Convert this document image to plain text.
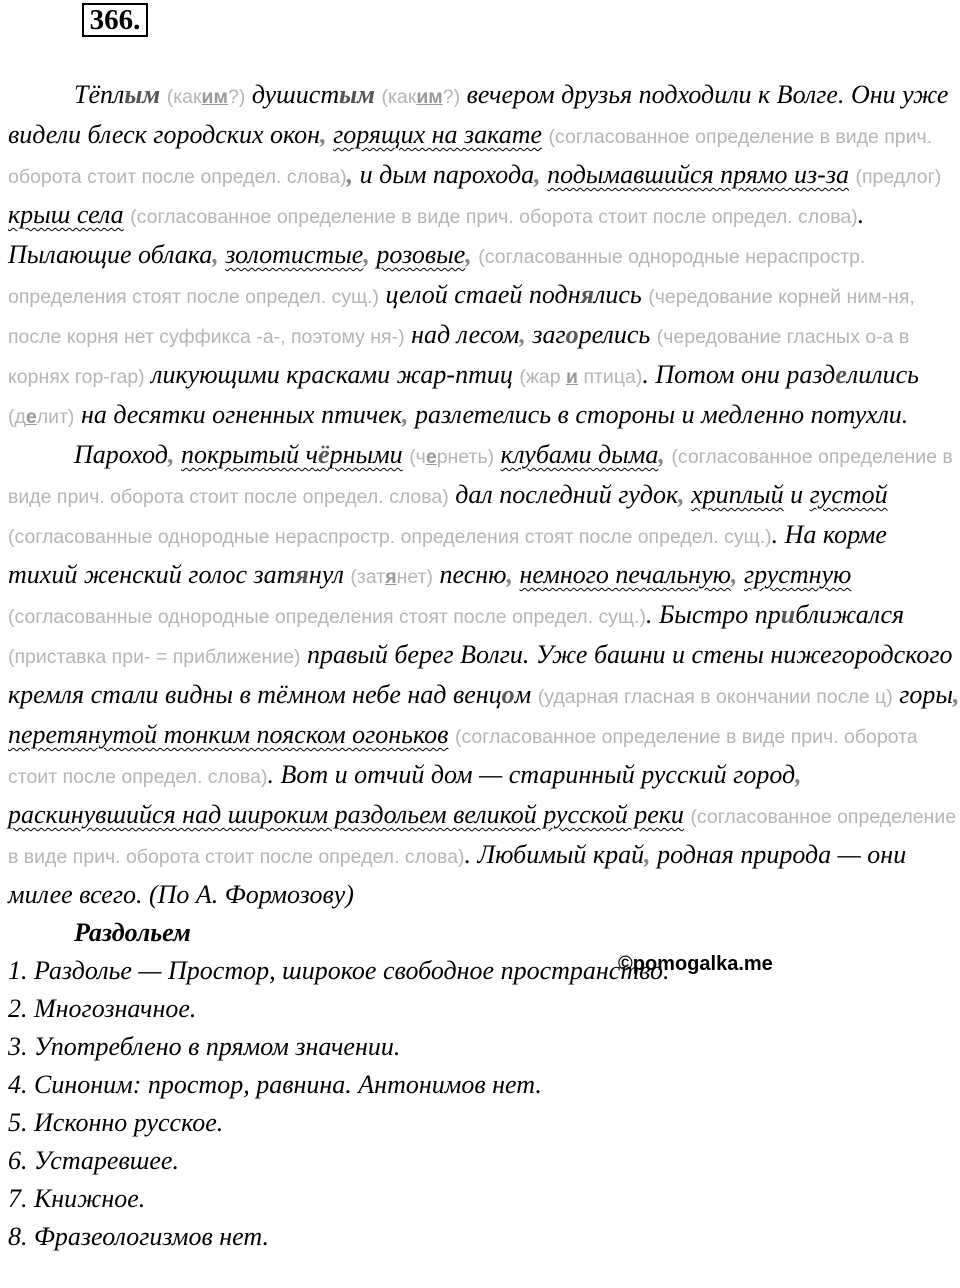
366.

Тёплым (каким?) душистым (каким?) вечером друзья подходили к Волге. Они уже видели блеск городских окон, горящих на закате (согласованное определение в виде прич. оборота стоит после определ. слова), и дым парохода, подымавшийся прямо из-за (предлог) крыш села (согласованное определение в виде прич. оборота стоит после определ. слова). Пылающие облака, золотистые, розовые, (согласованные однородные нераспростр. определения стоят после определ. сущ.) целой стаей поднялись (чередование корней ним-ня, после корня нет суффикса -а-, поэтому ня-) над лесом, загорелись (чередование гласных о-а в корнях гор-гар) ликующими красками жар-птиц (жар и птица). Потом они разделились (делит) на десятки огненных птичек, разлетелись в стороны и медленно потухли.

Пароход, покрытый чёрными (чернеть) клубами дыма, (согласованное определение в виде прич. оборота стоит после определ. слова) дал последний гудок, хриплый и густой (согласованные однородные нераспростр. определения стоят после определ. сущ.). На корме тихий женский голос затянул (затянет) песню, немного печальную, грустную (согласованные однородные определения стоят после определ. сущ.). Быстро приближался (приставка при- = приближение) правый берег Волги. Уже башни и стены нижегородского кремля стали видны в тёмном небе над венцом (ударная гласная в окончании после ц) горы, перетянутой тонким пояском огоньков (согласованное определение в виде прич. оборота стоит после определ. слова). Вот и отчий дом — старинный русский город, раскинувшийся над широким раздольем великой русской реки (согласованное определение в виде прич. оборота стоит после определ. слова). Любимый край, родная природа — они милее всего. (По А. Формозову)

Раздольем

1. Раздолье — Простор, широкое свободное пространство.

2. Многозначное.

3. Употреблено в прямом значении.

4. Синоним: простор, равнина. Антонимов нет.

5. Исконно русское.

6. Устаревшее.

7. Книжное.

8. Фразеологизмов нет.

©pomogalka.me
